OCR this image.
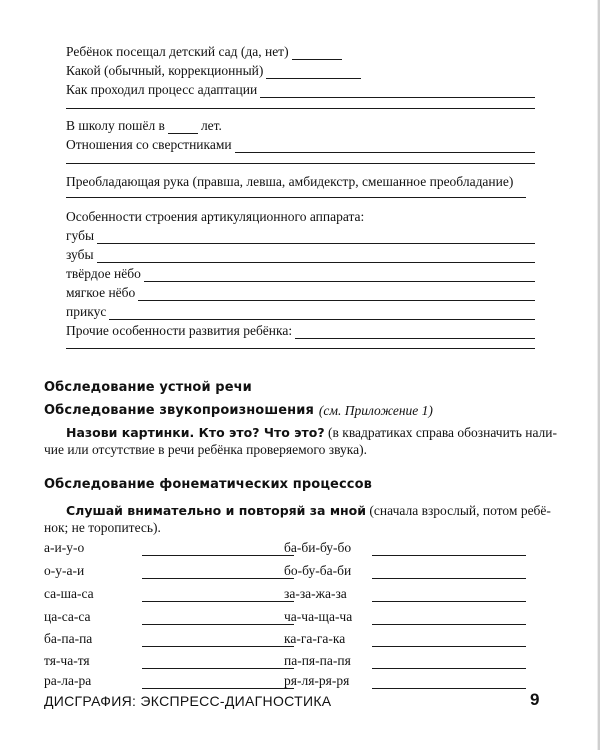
Ребёнок посещал детский сад (да, нет)
Какой (обычный, коррекционный)
Как проходил процесс адаптации
В школу пошёл в	лет.
Отношения со сверстниками
Преобладающая рука (правша, левша, амбидекстр, смешанное преобладание)
Особенности строения артикуляционного аппарата:
губы
зубы
твёрдое нёбо
мягкое нёбо
прикус
Прочие особенности развития ребёнка:
Обследование устной речи
Обследование звукопроизношения (см. Приложение 1)
Назови картинки. Кто это? Что это? (в квадратиках справа обозначить нали-
чие или отсутствие в речи ребёнка проверяемого звука).
Обследование фонематических процессов
Слушай внимательно и повторяй за мной (сначала взрослый, потом ребё-
нок; не торопитесь).
а-и-у-о
о-у-а-и
са-ша-са
ца-са-са
ба-па-па
тя-ча-тя
ра-ла-ра
ба-би-бу-бо
бо-бу-ба-би
за-за-жа-за
ча-ча-ща-ча
ка-га-га-ка
па-пя-па-пя
ря-ля-ря-ря
ДИСГРАФИЯ: ЭКСПРЕСС-ДИАГНОСТИКА	9
